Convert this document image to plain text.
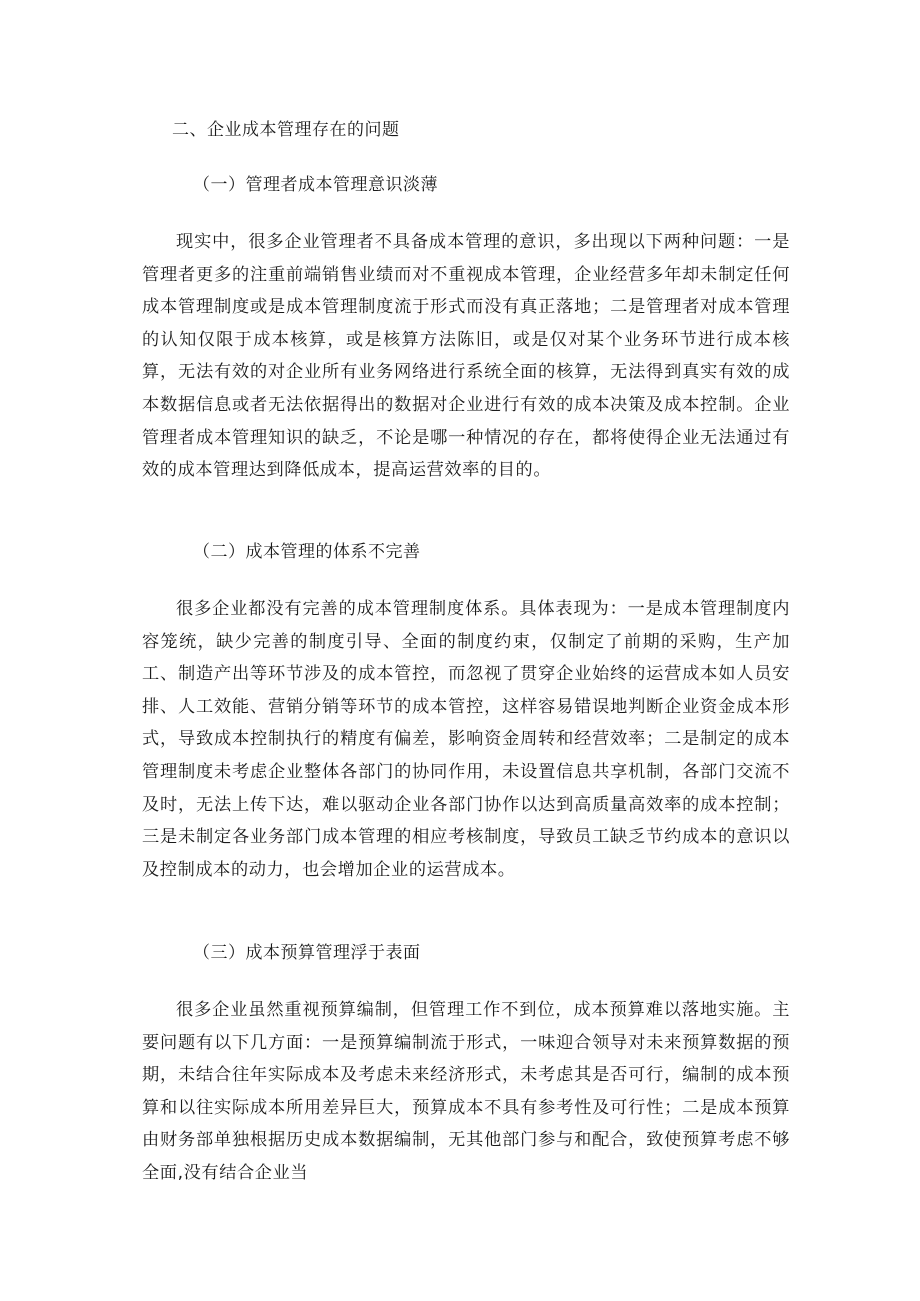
二、企业成本管理存在的问题
（一）管理者成本管理意识淡薄

现实中，很多企业管理者不具备成本管理的意识，多出现以下两种问题：一是管理者更多的注重前端销售业绩而对不重视成本管理，企业经营多年却未制定任何成本管理制度或是成本管理制度流于形式而没有真正落地；二是管理者对成本管理的认知仅限于成本核算，或是核算方法陈旧，或是仅对某个业务环节进行成本核算，无法有效的对企业所有业务网络进行系统全面的核算，无法得到真实有效的成本数据信息或者无法依据得出的数据对企业进行有效的成本决策及成本控制。企业管理者成本管理知识的缺乏，不论是哪一种情况的存在，都将使得企业无法通过有效的成本管理达到降低成本，提高运营效率的目的。

（二）成本管理的体系不完善

很多企业都没有完善的成本管理制度体系。具体表现为：一是成本管理制度内容笼统，缺少完善的制度引导、全面的制度约束，仅制定了前期的采购，生产加工、制造产出等环节涉及的成本管控，而忽视了贯穿企业始终的运营成本如人员安排、人工效能、营销分销等环节的成本管控，这样容易错误地判断企业资金成本形式，导致成本控制执行的精度有偏差，影响资金周转和经营效率；二是制定的成本管理制度未考虑企业整体各部门的协同作用，未设置信息共享机制，各部门交流不及时，无法上传下达，难以驱动企业各部门协作以达到高质量高效率的成本控制；三是未制定各业务部门成本管理的相应考核制度，导致员工缺乏节约成本的意识以及控制成本的动力，也会增加企业的运营成本。

（三）成本预算管理浮于表面

很多企业虽然重视预算编制，但管理工作不到位，成本预算难以落地实施。主要问题有以下几方面：一是预算编制流于形式，一味迎合领导对未来预算数据的预期，未结合往年实际成本及考虑未来经济形式，未考虑其是否可行，编制的成本预算和以往实际成本所用差异巨大，预算成本不具有参考性及可行性；二是成本预算由财务部单独根据历史成本数据编制，无其他部门参与和配合，致使预算考虑不够全面,没有结合企业当
